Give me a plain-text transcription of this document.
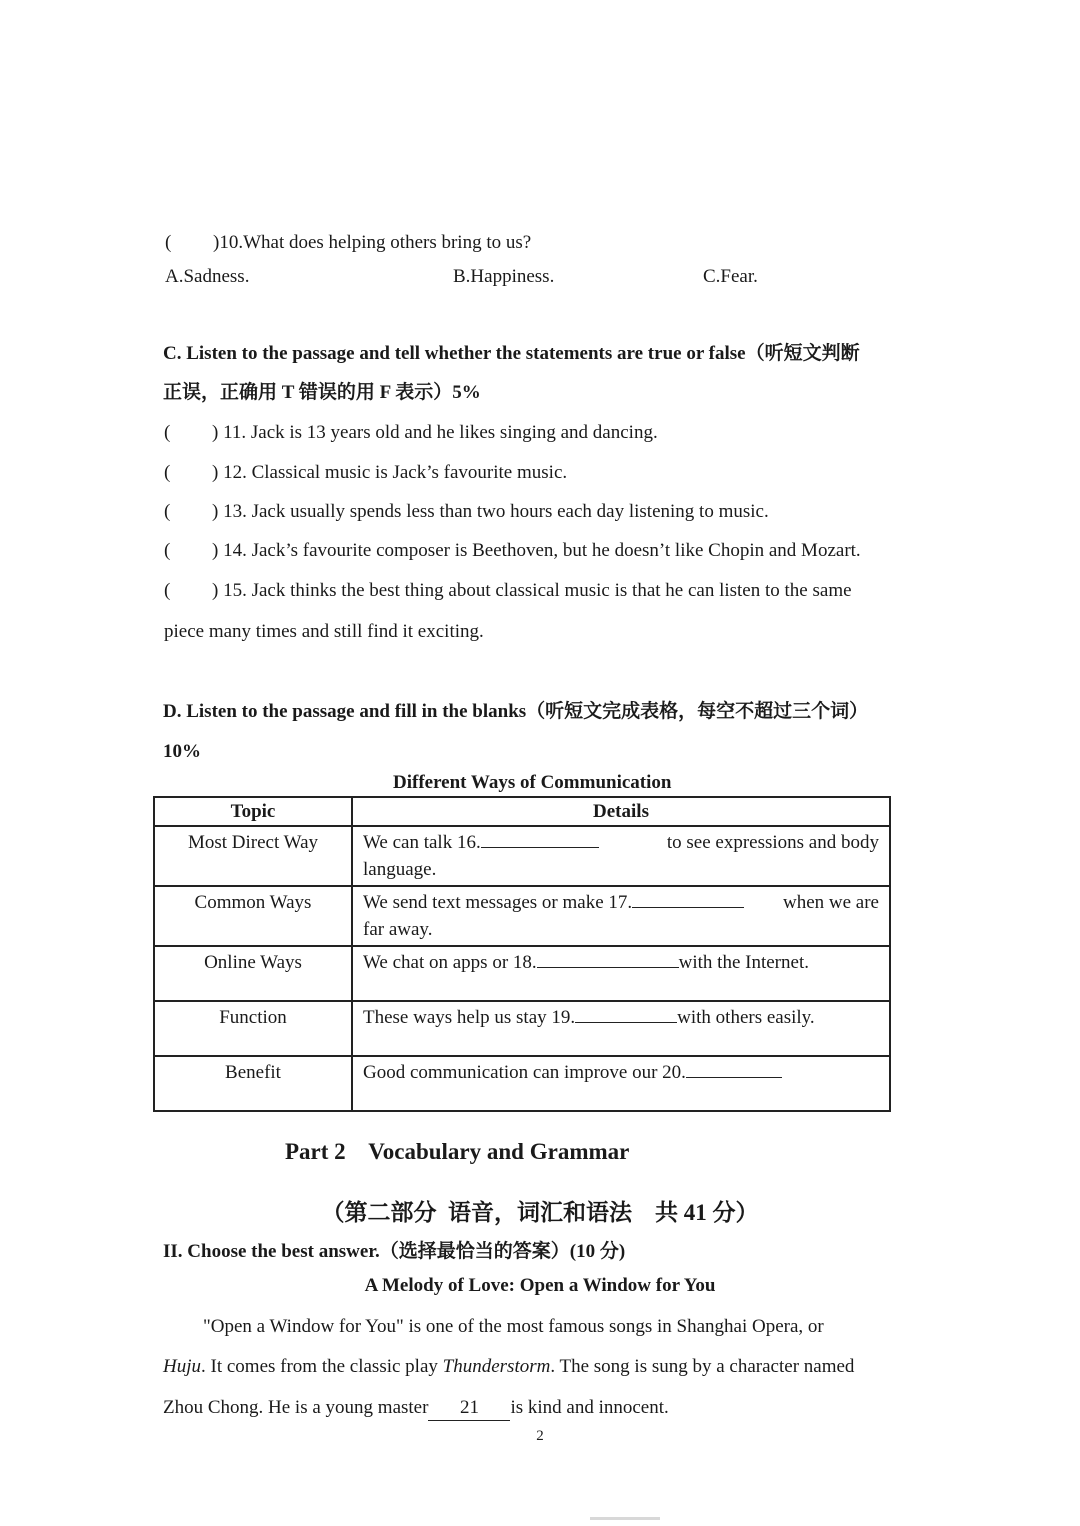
( )10.What does helping others bring to us?
A.Sadness.	B.Happiness.	C.Fear.
C. Listen to the passage and tell whether the statements are true or false（听短文判断
正误，正确用 T 错误的用 F 表示）5%
( ) 11. Jack is 13 years old and he likes singing and dancing.
( ) 12. Classical music is Jack’s favourite music.
( ) 13. Jack usually spends less than two hours each day listening to music.
( ) 14. Jack’s favourite composer is Beethoven, but he doesn’t like Chopin and Mozart.
( ) 15. Jack thinks the best thing about classical music is that he can listen to the same
piece many times and still find it exciting.
D. Listen to the passage and fill in the blanks（听短文完成表格，每空不超过三个词）
10%
Different Ways of Communication
Topic	Details
Most Direct Way	We can talk 16. to see expressions and body
language.

Common Ways	We send text messages or make 17. when we are
far away.

Online Ways	We chat on apps or 18. with the Internet.
Function	These ways help us stay 19. with others easily.
Benefit	Good communication can improve our 20.
Part 2    Vocabulary and Grammar
（第二部分  语音，词汇和语法    共 41 分）
II. Choose the best answer.（选择最恰当的答案）(10 分)
A Melody of Love: Open a Window for You
"Open a Window for You" is one of the most famous songs in Shanghai Opera, or
Huju. It comes from the classic play Thunderstorm. The song is sung by a character named
Zhou Chong. He is a young master 21 is kind and innocent.
2
